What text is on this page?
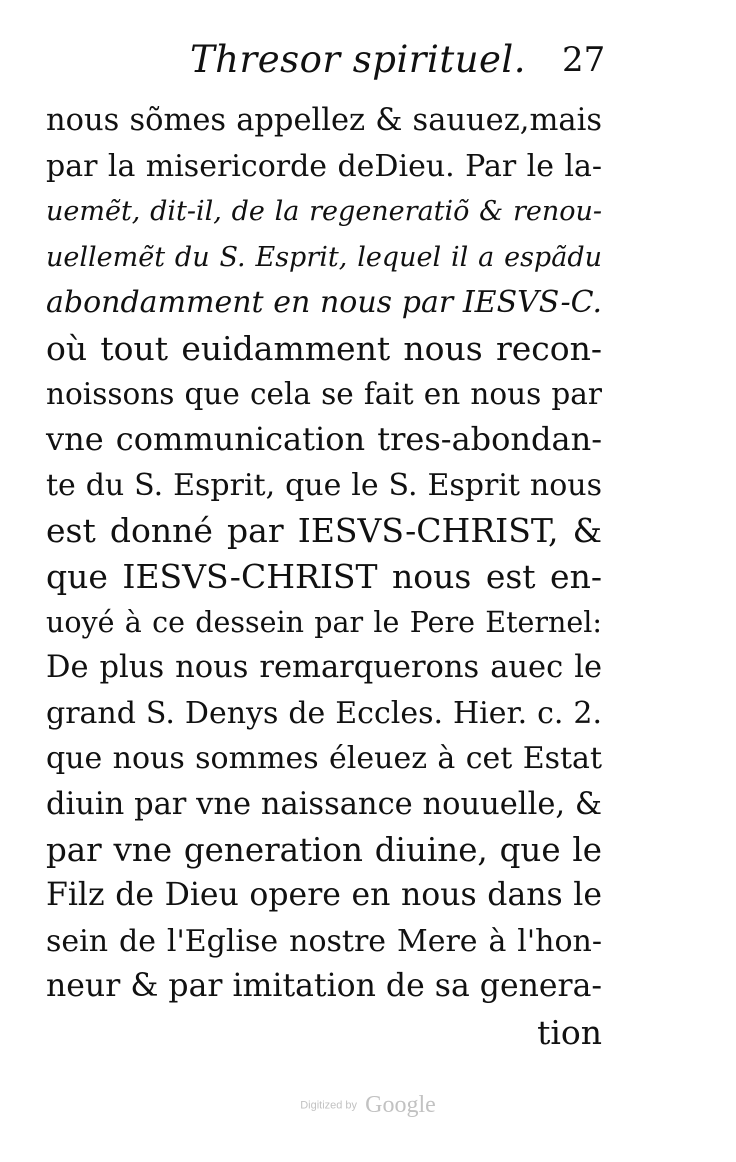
Thresor spirituel. 27
nous sõmes appellez & sauuez,mais
par la misericorde deDieu. Par le la-
uemẽt, dit-il, de la regeneratiõ & renou-
uellemẽt du S. Esprit, lequel il a espãdu
abondamment en nous par IESVS-C.
où tout euidamment nous recon-
noissons que cela se fait en nous par
vne communication tres-abondan-
te du S. Esprit, que le S. Esprit nous
est donné par IESVS-CHRIST, &
que IESVS-CHRIST nous est en-
uoyé à ce dessein par le Pere Eternel:
De plus nous remarquerons auec le
grand S. Denys de Eccles. Hier. c. 2.
que nous sommes éleuez à cet Estat
diuin par vne naissance nouuelle, &
par vne generation diuine, que le
Filz de Dieu opere en nous dans le
sein de l'Eglise nostre Mere à l'hon-
neur & par imitation de sa genera-
tion
Digitized by Google
